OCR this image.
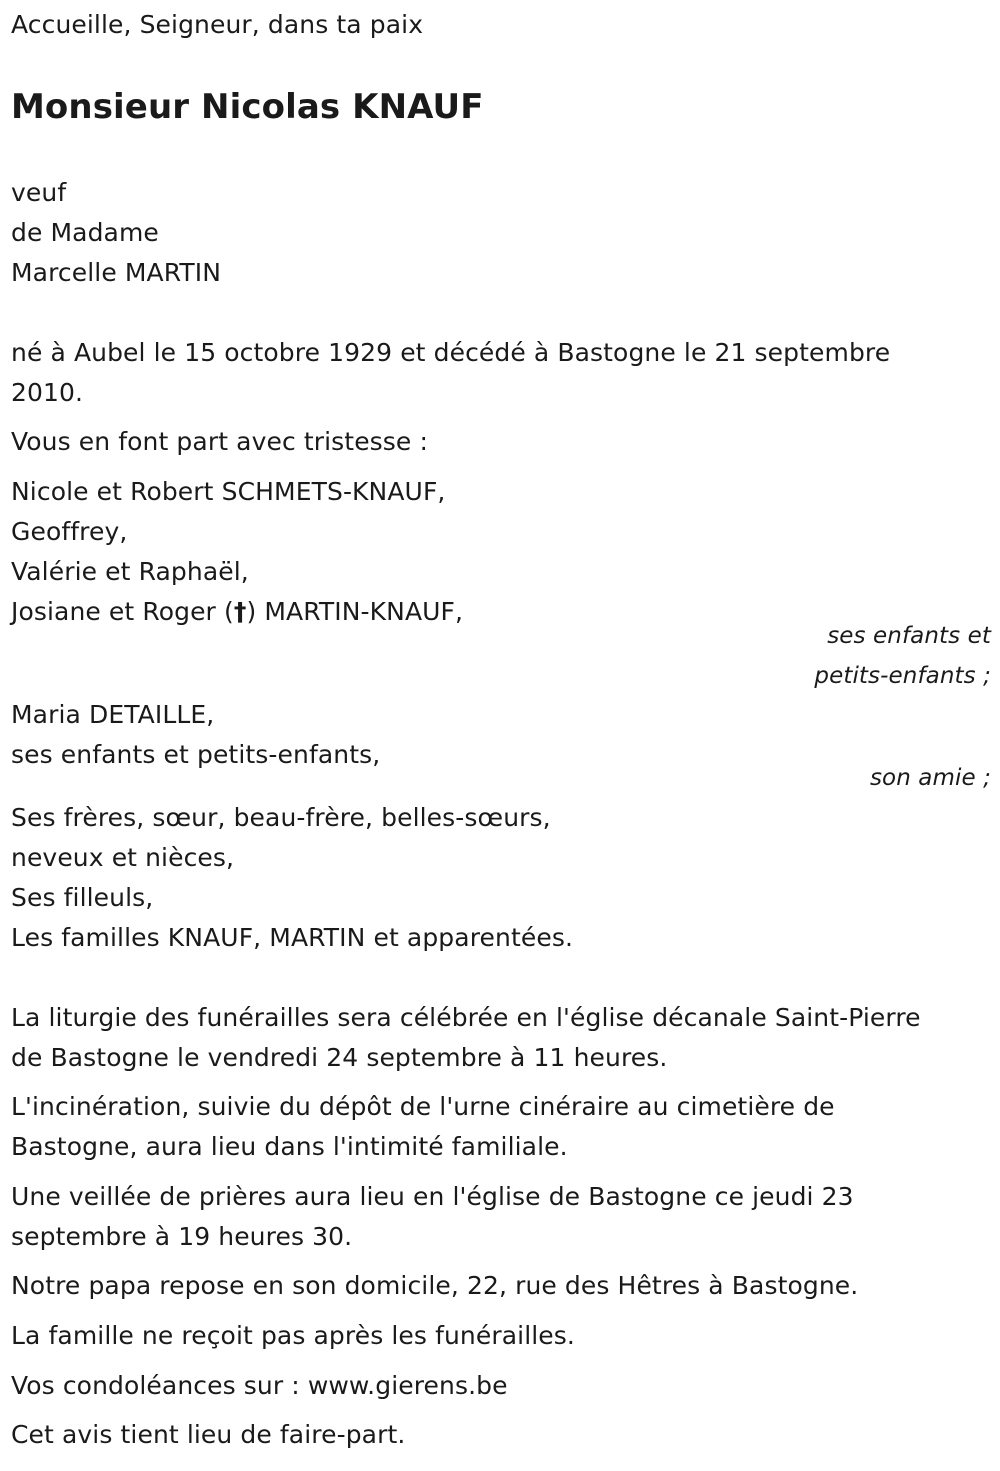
Accueille, Seigneur, dans ta paix
Monsieur Nicolas KNAUF
veuf
de Madame
Marcelle MARTIN
né à Aubel le 15 octobre 1929 et décédé à Bastogne le 21 septembre
2010.
Vous en font part avec tristesse :
Nicole et Robert SCHMETS-KNAUF,
Geoffrey,
Valérie et Raphaël,
Josiane et Roger (†) MARTIN-KNAUF,
ses enfants et
petits-enfants ;
Maria DETAILLE,
ses enfants et petits-enfants,
son amie ;
Ses frères, sœur, beau-frère, belles-sœurs,
neveux et nièces,
Ses filleuls,
Les familles KNAUF, MARTIN et apparentées.
La liturgie des funérailles sera célébrée en l'église décanale Saint-Pierre
de Bastogne le vendredi 24 septembre à 11 heures.
L'incinération, suivie du dépôt de l'urne cinéraire au cimetière de
Bastogne, aura lieu dans l'intimité familiale.
Une veillée de prières aura lieu en l'église de Bastogne ce jeudi 23
septembre à 19 heures 30.
Notre papa repose en son domicile, 22, rue des Hêtres à Bastogne.
La famille ne reçoit pas après les funérailles.
Vos condoléances sur : www.gierens.be
Cet avis tient lieu de faire-part.
